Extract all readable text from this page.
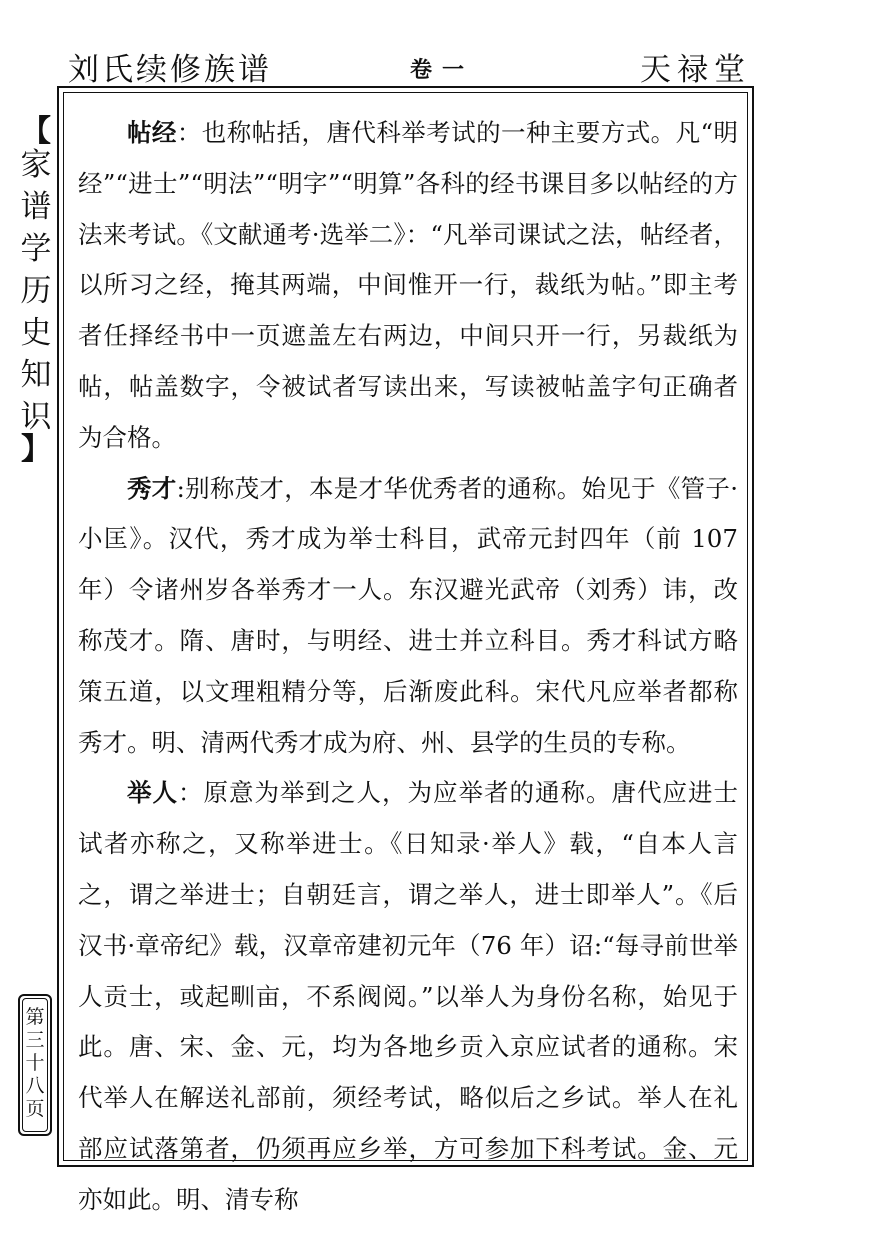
刘氏续修族谱	卷一	天禄堂
【
家
谱
学
历
史
知
识
】
第
三
十
八
页

帖经：也称帖括，唐代科举考试的一种主要方式。凡“明经”“进士”“明法”“明字”“明算”各科的经书课目多以帖经的方法来考试。《文献通考·选举二》：“凡举司课试之法，帖经者，以所习之经，掩其两端，中间惟开一行，裁纸为帖。”即主考者任择经书中一页遮盖左右两边，中间只开一行，另裁纸为帖，帖盖数字，令被试者写读出来，写读被帖盖字句正确者为合格。

秀才:别称茂才，本是才华优秀者的通称。始见于《管子·小匡》。汉代，秀才成为举士科目，武帝元封四年（前 107 年）令诸州岁各举秀才一人。东汉避光武帝（刘秀）讳，改称茂才。隋、唐时，与明经、进士并立科目。秀才科试方略策五道，以文理粗精分等，后渐废此科。宋代凡应举者都称秀才。明、清两代秀才成为府、州、县学的生员的专称。

举人：原意为举到之人，为应举者的通称。唐代应进士试者亦称之，又称举进士。《日知录·举人》载，“自本人言之，谓之举进士；自朝廷言，谓之举人，进士即举人”。《后汉书·章帝纪》载，汉章帝建初元年（76 年）诏:“每寻前世举人贡士，或起甽亩，不系阀阅。”以举人为身份名称，始见于此。唐、宋、金、元，均为各地乡贡入京应试者的通称。宋代举人在解送礼部前，须经考试，略似后之乡试。举人在礼部应试落第者，仍须再应乡举，方可参加下科考试。金、元亦如此。明、清专称
